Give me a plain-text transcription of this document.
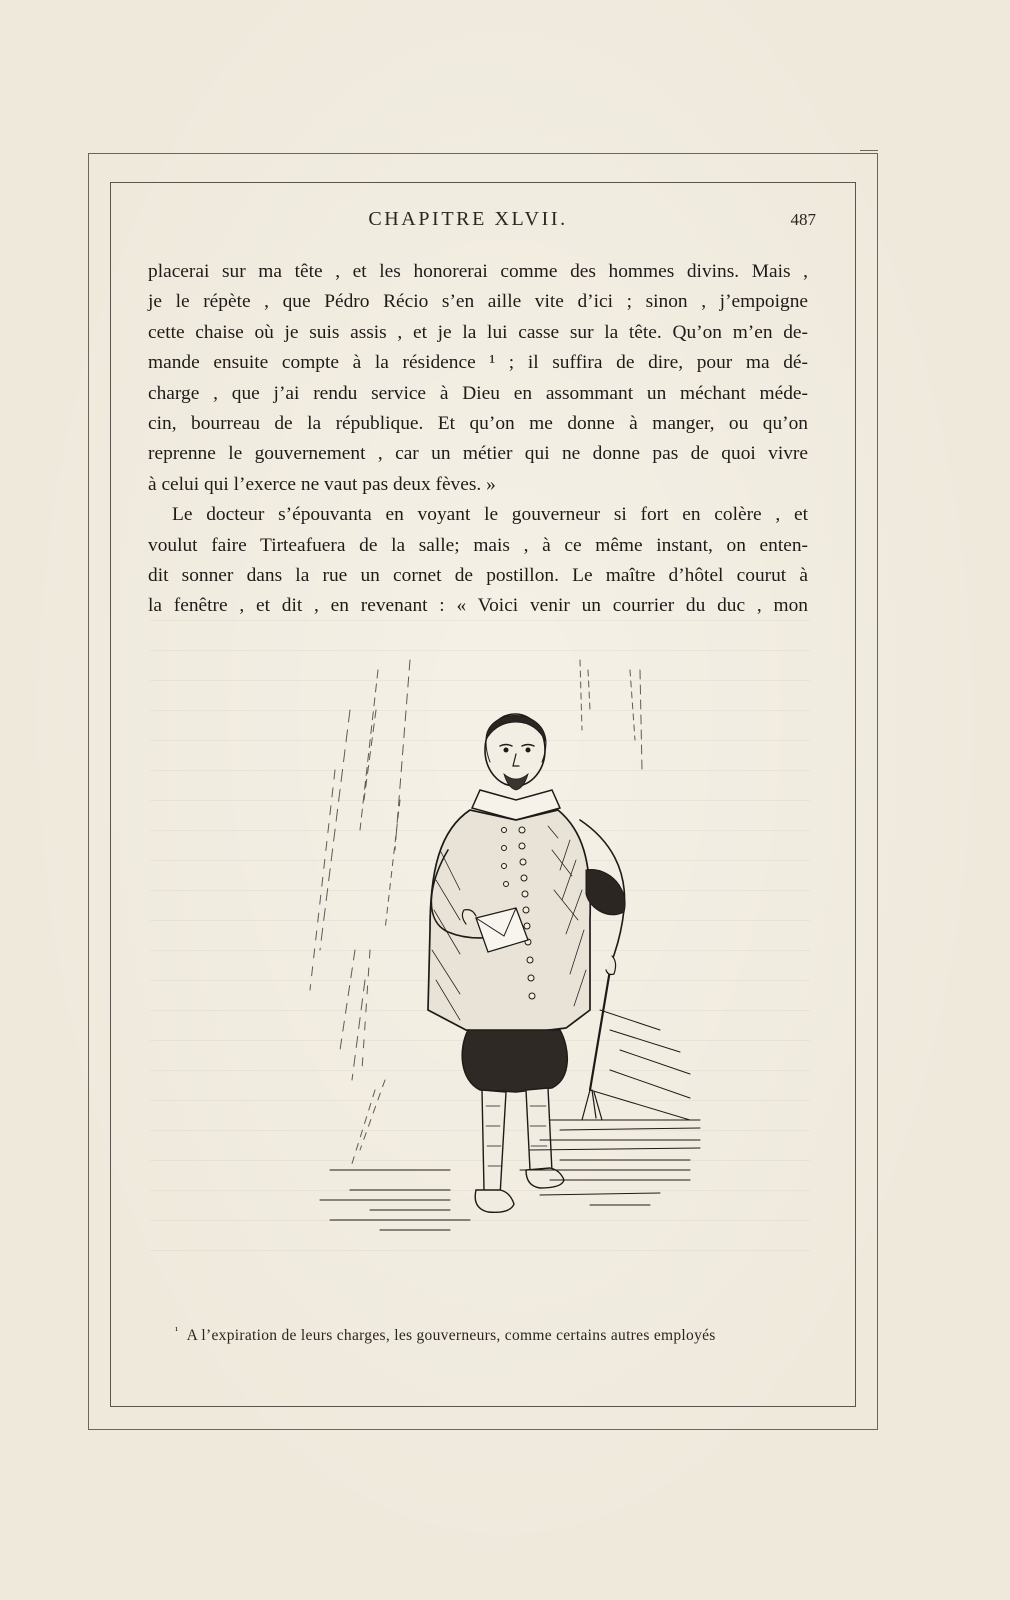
CHAPITRE XLVII.	487
placerai sur ma tête , et les honorerai comme des hommes divins. Mais ,
je le répète , que Pédro Récio s’en aille vite d’ici ; sinon , j’empoigne
cette chaise où je suis assis , et je la lui casse sur la tête. Qu’on m’en de-
mande ensuite compte à la résidence ¹ ; il suffira de dire, pour ma dé-
charge , que j’ai rendu service à Dieu en assommant un méchant méde-
cin, bourreau de la république. Et qu’on me donne à manger, ou qu’on
reprenne le gouvernement , car un métier qui ne donne pas de quoi vivre
à celui qui l’exerce ne vaut pas deux fèves. »
Le docteur s’épouvanta en voyant le gouverneur si fort en colère , et
voulut faire Tirteafuera de la salle; mais , à ce même instant, on enten-
dit sonner dans la rue un cornet de postillon. Le maître d’hôtel courut à
la fenêtre , et dit , en revenant : « Voici venir un courrier du duc , mon
$^{^1}$ A l’expiration de leurs charges, les gouverneurs, comme certains autres employés
